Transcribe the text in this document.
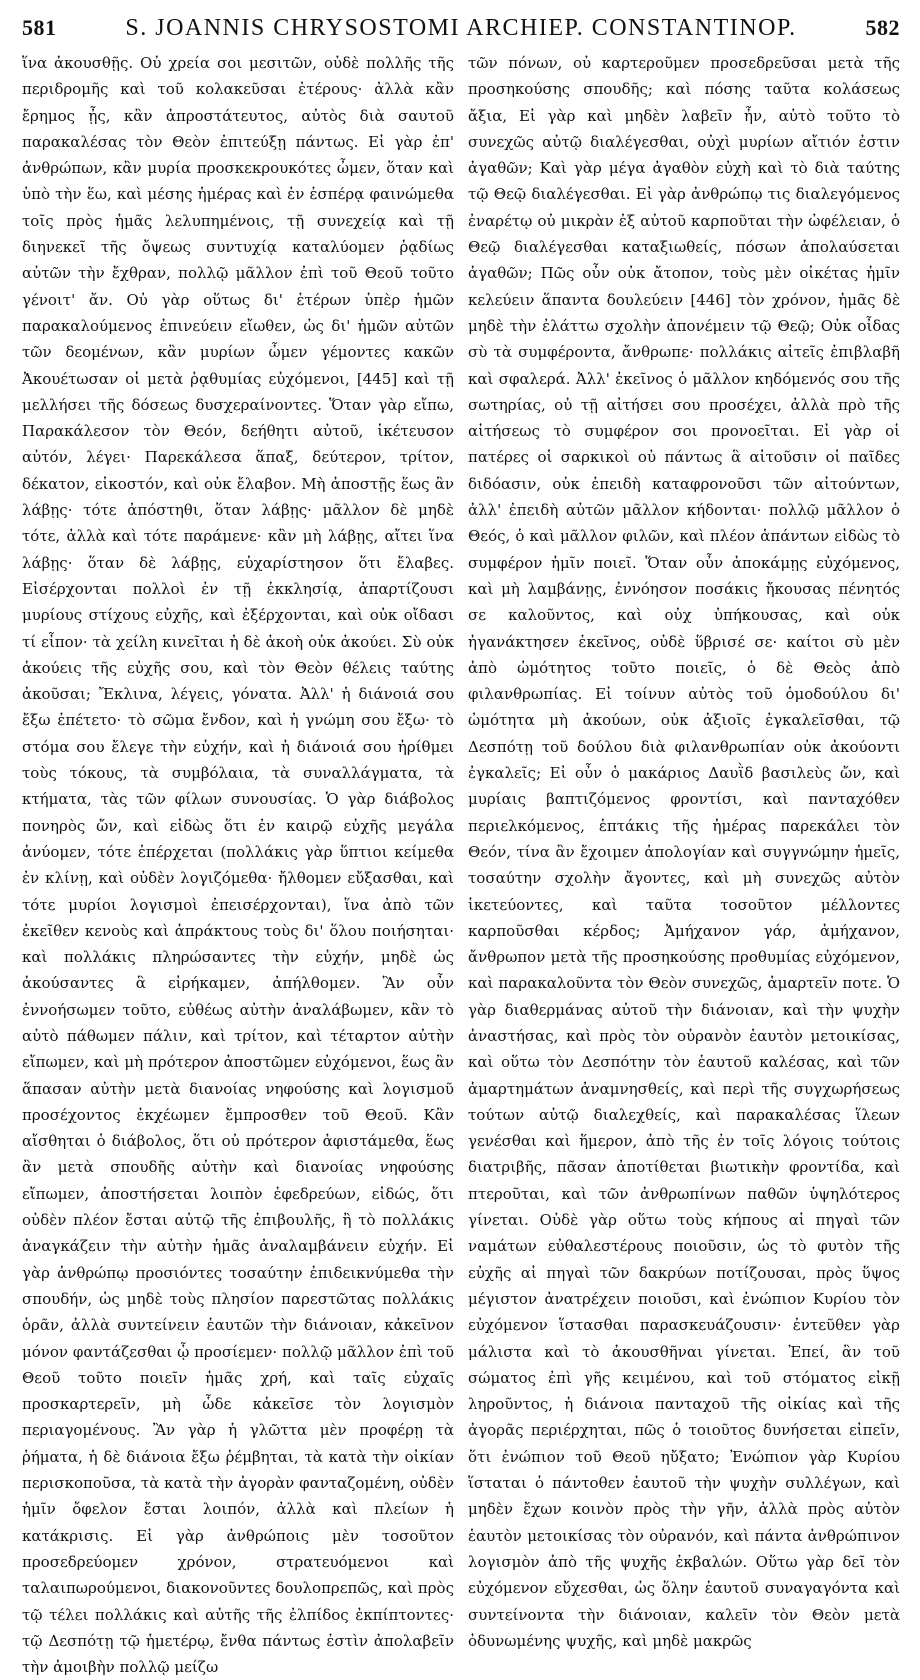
581	S. JOANNIS CHRYSOSTOMI ARCHIEP. CONSTANTINOP.	582

ἵνα ἀκουσθῇς. Οὐ χρεία σοι μεσιτῶν, οὐδὲ πολλῆς τῆς περιδρομῆς καὶ τοῦ κολακεῦσαι ἑτέρους· ἀλλὰ κἂν ἔρημος ᾖς, κἂν ἀπροστάτευτος, αὐτὸς διὰ σαυτοῦ παρακαλέσας τὸν Θεὸν ἐπιτεύξῃ πάντως. Εἰ γὰρ ἐπ' ἀνθρώπων, κἂν μυρία προσκεκρουκότες ὦμεν, ὅταν καὶ ὑπὸ τὴν ἕω, καὶ μέσης ἡμέρας καὶ ἐν ἑσπέρᾳ φαινώμεθα τοῖς πρὸς ἡμᾶς λελυπημένοις, τῇ συνεχείᾳ καὶ τῇ διηνεκεῖ τῆς ὄψεως συντυχίᾳ καταλύομεν ῥᾳδίως αὐτῶν τὴν ἔχθραν, πολλῷ μᾶλλον ἐπὶ τοῦ Θεοῦ τοῦτο γένοιτ' ἄν. Οὐ γὰρ οὕτως δι' ἑτέρων ὑπὲρ ἡμῶν παρακαλούμενος ἐπινεύειν εἴωθεν, ὡς δι' ἡμῶν αὐτῶν τῶν δεομένων, κἂν μυρίων ὦμεν γέμοντες κακῶν Ἀκουέτωσαν οἱ μετὰ ῥᾳθυμίας εὐχόμενοι, [445] καὶ τῇ μελλήσει τῆς δόσεως δυσχεραίνοντες. Ὅταν γὰρ εἴπω, Παρακάλεσον τὸν Θεόν, δεήθητι αὐτοῦ, ἱκέτευσον αὐτόν, λέγει· Παρεκάλεσα ἅπαξ, δεύτερον, τρίτον, δέκατον, εἰκοστόν, καὶ οὐκ ἔλαβον. Μὴ ἀποστῇς ἕως ἂν λάβῃς· τότε ἀπόστηθι, ὅταν λάβῃς· μᾶλλον δὲ μηδὲ τότε, ἀλλὰ καὶ τότε παράμενε· κἂν μὴ λάβῃς, αἴτει ἵνα λάβῃς· ὅταν δὲ λάβῃς, εὐχαρίστησον ὅτι ἔλαβες. Εἰσέρχονται πολλοὶ ἐν τῇ ἐκκλησίᾳ, ἀπαρτίζουσι μυρίους στίχους εὐχῆς, καὶ ἐξέρχονται, καὶ οὐκ οἴδασι τί εἶπον· τὰ χείλη κινεῖται ἡ δὲ ἀκοὴ οὐκ ἀκούει. Σὺ οὐκ ἀκούεις τῆς εὐχῆς σου, καὶ τὸν Θεὸν θέλεις ταύτης ἀκοῦσαι; Ἔκλινα, λέγεις, γόνατα. Ἀλλ' ἡ διάνοιά σου ἔξω ἐπέτετο· τὸ σῶμα ἔνδον, καὶ ἡ γνώμη σου ἔξω· τὸ στόμα σου ἔλεγε τὴν εὐχήν, καὶ ἡ διάνοιά σου ἠρίθμει τοὺς τόκους, τὰ συμβόλαια, τὰ συναλλάγματα, τὰ κτήματα, τὰς τῶν φίλων συνουσίας. Ὁ γὰρ διάβολος πονηρὸς ὤν, καὶ εἰδὼς ὅτι ἐν καιρῷ εὐχῆς μεγάλα ἀνύομεν, τότε ἐπέρχεται (πολλάκις γὰρ ὕπτιοι κείμεθα ἐν κλίνῃ, καὶ οὐδὲν λογιζόμεθα· ἤλθομεν εὔξασθαι, καὶ τότε μυρίοι λογισμοὶ ἐπεισέρχονται), ἵνα ἀπὸ τῶν ἐκεῖθεν κενοὺς καὶ ἀπράκτους τοὺς δι' ὅλου ποιήσηται· καὶ πολλάκις πληρώσαντες τὴν εὐχήν, μηδὲ ὡς ἀκούσαντες ἃ εἰρήκαμεν, ἀπήλθομεν. Ἂν οὖν ἐννοήσωμεν τοῦτο, εὐθέως αὐτὴν ἀναλάβωμεν, κἂν τὸ αὐτὸ πάθωμεν πάλιν, καὶ τρίτον, καὶ τέταρτον αὐτὴν εἴπωμεν, καὶ μὴ πρότερον ἀποστῶμεν εὐχόμενοι, ἕως ἂν ἅπασαν αὐτὴν μετὰ διανοίας νηφούσης καὶ λογισμοῦ προσέχοντος ἐκχέωμεν ἔμπροσθεν τοῦ Θεοῦ. Κἂν αἴσθηται ὁ διάβολος, ὅτι οὐ πρότερον ἀφιστάμεθα, ἕως ἂν μετὰ σπουδῆς αὐτὴν καὶ διανοίας νηφούσης εἴπωμεν, ἀποστήσεται λοιπὸν ἐφεδρεύων, εἰδώς, ὅτι οὐδὲν πλέον ἔσται αὐτῷ τῆς ἐπιβουλῆς, ἢ τὸ πολλάκις ἀναγκάζειν τὴν αὐτὴν ἡμᾶς ἀναλαμβάνειν εὐχήν. Εἰ γὰρ ἀνθρώπῳ προσιόντες τοσαύτην ἐπιδεικνύμεθα τὴν σπουδήν, ὡς μηδὲ τοὺς πλησίον παρεστῶτας πολλάκις ὁρᾶν, ἀλλὰ συντείνειν ἑαυτῶν τὴν διάνοιαν, κἀκεῖνον μόνον φαντάζεσθαι ᾧ προσίεμεν· πολλῷ μᾶλλον ἐπὶ τοῦ Θεοῦ τοῦτο ποιεῖν ἡμᾶς χρή, καὶ ταῖς εὐχαῖς προσκαρτερεῖν, μὴ ὧδε κἀκεῖσε τὸν λογισμὸν περιαγομένους. Ἂν γὰρ ἡ γλῶττα μὲν προφέρῃ τὰ ῥήματα, ἡ δὲ διάνοια ἔξω ῥέμβηται, τὰ κατὰ τὴν οἰκίαν περισκοποῦσα, τὰ κατὰ τὴν ἀγορὰν φανταζομένη, οὐδὲν ἡμῖν ὄφελον ἔσται λοιπόν, ἀλλὰ καὶ πλείων ἡ κατάκρισις. Εἰ γὰρ ἀνθρώποις μὲν τοσοῦτον προσεδρεύομεν χρόνον, στρατευόμενοι καὶ ταλαιπωρούμενοι, διακονοῦντες δουλοπρεπῶς, καὶ πρὸς τῷ τέλει πολλάκις καὶ αὐτῆς τῆς ἐλπίδος ἐκπίπτοντες· τῷ Δεσπότῃ τῷ ἡμετέρῳ, ἔνθα πάντως ἐστὶν ἀπολαβεῖν τὴν ἀμοιβὴν πολλῷ μείζω

τῶν πόνων, οὐ καρτεροῦμεν προσεδρεῦσαι μετὰ τῆς προσηκούσης σπουδῆς; καὶ πόσης ταῦτα κολάσεως ἄξια, Εἰ γὰρ καὶ μηδὲν λαβεῖν ἦν, αὐτὸ τοῦτο τὸ συνεχῶς αὐτῷ διαλέγεσθαι, οὐχὶ μυρίων αἴτιόν ἐστιν ἀγαθῶν; Καὶ γὰρ μέγα ἀγαθὸν εὐχὴ καὶ τὸ διὰ ταύτης τῷ Θεῷ διαλέγεσθαι. Εἰ γὰρ ἀνθρώπῳ τις διαλεγόμενος ἐναρέτῳ οὐ μικρὰν ἐξ αὐτοῦ καρποῦται τὴν ὠφέλειαν, ὁ Θεῷ διαλέγεσθαι καταξιωθείς, πόσων ἀπολαύσεται ἀγαθῶν; Πῶς οὖν οὐκ ἄτοπον, τοὺς μὲν οἰκέτας ἡμῖν κελεύειν ἅπαντα δουλεύειν [446] τὸν χρόνον, ἡμᾶς δὲ μηδὲ τὴν ἐλάττω σχολὴν ἀπονέμειν τῷ Θεῷ; Οὐκ οἶδας σὺ τὰ συμφέροντα, ἄνθρωπε· πολλάκις αἰτεῖς ἐπιβλαβῆ καὶ σφαλερά. Ἀλλ' ἐκεῖνος ὁ μᾶλλον κηδόμενός σου τῆς σωτηρίας, οὐ τῇ αἰτήσει σου προσέχει, ἀλλὰ πρὸ τῆς αἰτήσεως τὸ συμφέρον σοι προνοεῖται. Εἰ γὰρ οἱ πατέρες οἱ σαρκικοὶ οὐ πάντως ἃ αἰτοῦσιν οἱ παῖδες διδόασιν, οὐκ ἐπειδὴ καταφρονοῦσι τῶν αἰτούντων, ἀλλ' ἐπειδὴ αὐτῶν μᾶλλον κήδονται· πολλῷ μᾶλλον ὁ Θεός, ὁ καὶ μᾶλλον φιλῶν, καὶ πλέον ἁπάντων εἰδὼς τὸ συμφέρον ἡμῖν ποιεῖ. Ὅταν οὖν ἀποκάμῃς εὐχόμενος, καὶ μὴ λαμβάνῃς, ἐννόησον ποσάκις ἤκουσας πένητός σε καλοῦντος, καὶ οὐχ ὑπήκουσας, καὶ οὐκ ἠγανάκτησεν ἐκεῖνος, οὐδὲ ὕβρισέ σε· καίτοι σὺ μὲν ἀπὸ ὠμότητος τοῦτο ποιεῖς, ὁ δὲ Θεὸς ἀπὸ φιλανθρωπίας. Εἰ τοίνυν αὐτὸς τοῦ ὁμοδούλου δι' ὠμότητα μὴ ἀκούων, οὐκ ἀξιοῖς ἐγκαλεῖσθαι, τῷ Δεσπότῃ τοῦ δούλου διὰ φιλανθρωπίαν οὐκ ἀκούοντι ἐγκαλεῖς; Εἰ οὖν ὁ μακάριος Δαυῒδ βασιλεὺς ὤν, καὶ μυρίαις βαπτιζόμενος φροντίσι, καὶ πανταχόθεν περιελκόμενος, ἑπτάκις τῆς ἡμέρας παρεκάλει τὸν Θεόν, τίνα ἂν ἔχοιμεν ἀπολογίαν καὶ συγγνώμην ἡμεῖς, τοσαύτην σχολὴν ἄγοντες, καὶ μὴ συνεχῶς αὐτὸν ἱκετεύοντες, καὶ ταῦτα τοσοῦτον μέλλοντες καρποῦσθαι κέρδος; Ἀμήχανον γάρ, ἀμήχανον, ἄνθρωπον μετὰ τῆς προσηκούσης προθυμίας εὐχόμενον, καὶ παρακαλοῦντα τὸν Θεὸν συνεχῶς, ἁμαρτεῖν ποτε. Ὁ γὰρ διαθερμάνας αὐτοῦ τὴν διάνοιαν, καὶ τὴν ψυχὴν ἀναστήσας, καὶ πρὸς τὸν οὐρανὸν ἑαυτὸν μετοικίσας, καὶ οὕτω τὸν Δεσπότην τὸν ἑαυτοῦ καλέσας, καὶ τῶν ἁμαρτημάτων ἀναμνησθείς, καὶ περὶ τῆς συγχωρήσεως τούτων αὐτῷ διαλεχθείς, καὶ παρακαλέσας ἵλεων γενέσθαι καὶ ἥμερον, ἀπὸ τῆς ἐν τοῖς λόγοις τούτοις διατριβῆς, πᾶσαν ἀποτίθεται βιωτικὴν φροντίδα, καὶ πτεροῦται, καὶ τῶν ἀνθρωπίνων παθῶν ὑψηλότερος γίνεται. Οὐδὲ γὰρ οὕτω τοὺς κήπους αἱ πηγαὶ τῶν ναμάτων εὐθαλεστέρους ποιοῦσιν, ὡς τὸ φυτὸν τῆς εὐχῆς αἱ πηγαὶ τῶν δακρύων ποτίζουσαι, πρὸς ὕψος μέγιστον ἀνατρέχειν ποιοῦσι, καὶ ἐνώπιον Κυρίου τὸν εὐχόμενον ἵστασθαι παρασκευάζουσιν· ἐντεῦθεν γὰρ μάλιστα καὶ τὸ ἀκουσθῆναι γίνεται. Ἐπεί, ἂν τοῦ σώματος ἐπὶ γῆς κειμένου, καὶ τοῦ στόματος εἰκῇ ληροῦντος, ἡ διάνοια πανταχοῦ τῆς οἰκίας καὶ τῆς ἀγορᾶς περιέρχηται, πῶς ὁ τοιοῦτος δυνήσεται εἰπεῖν, ὅτι ἐνώπιον τοῦ Θεοῦ ηὔξατο; Ἐνώπιον γὰρ Κυρίου ἵσταται ὁ πάντοθεν ἑαυτοῦ τὴν ψυχὴν συλλέγων, καὶ μηδὲν ἔχων κοινὸν πρὸς τὴν γῆν, ἀλλὰ πρὸς αὐτὸν ἑαυτὸν μετοικίσας τὸν οὐρανόν, καὶ πάντα ἀνθρώπινον λογισμὸν ἀπὸ τῆς ψυχῆς ἐκβαλών. Οὕτω γὰρ δεῖ τὸν εὐχόμενον εὔχεσθαι, ὡς ὅλην ἑαυτοῦ συναγαγόντα καὶ συντείνοντα τὴν διάνοιαν, καλεῖν τὸν Θεὸν μετὰ ὀδυνωμένης ψυχῆς, καὶ μηδὲ μακρῶς
